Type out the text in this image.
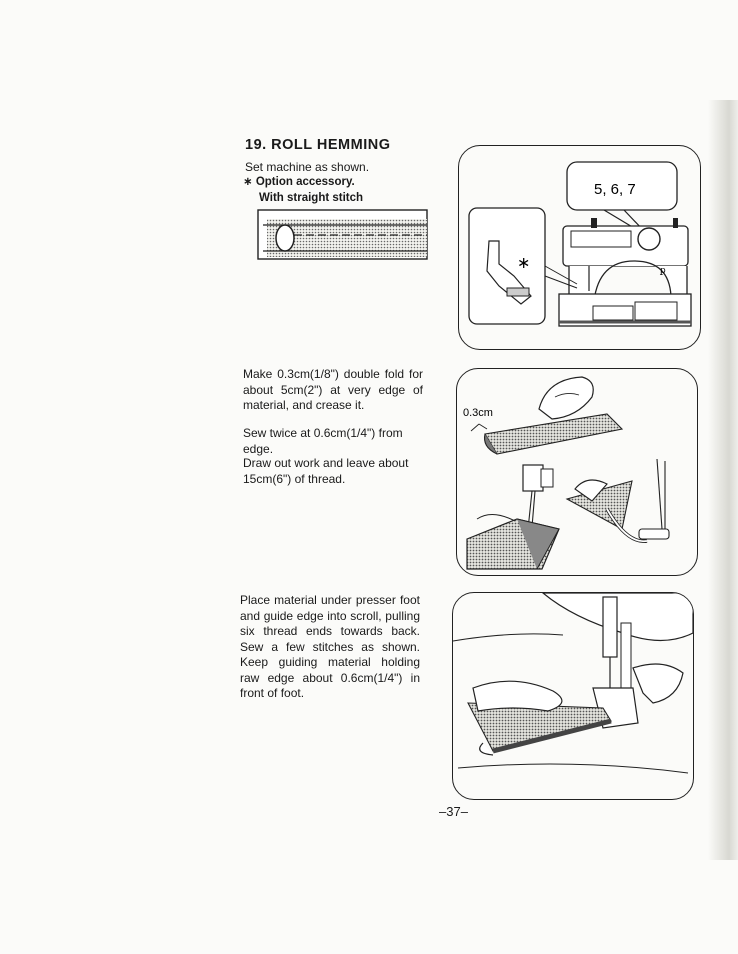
19. ROLL HEMMING
Set machine as shown.
∗ Option accessory.
With straight stitch	5, 6, 7
∗	ꝑ
Make 0.3cm(1/8") double fold for about 5cm(2") at very edge of material, and crease it.
Sew twice at 0.6cm(1/4") from edge.
Draw out work and leave about 15cm(6") of thread.
0.3cm
Place material under presser foot and guide edge into scroll, pulling six thread ends towards back. Sew a few stitches as shown. Keep guiding material holding raw edge about 0.6cm(1/4") in front of foot.
–37–
